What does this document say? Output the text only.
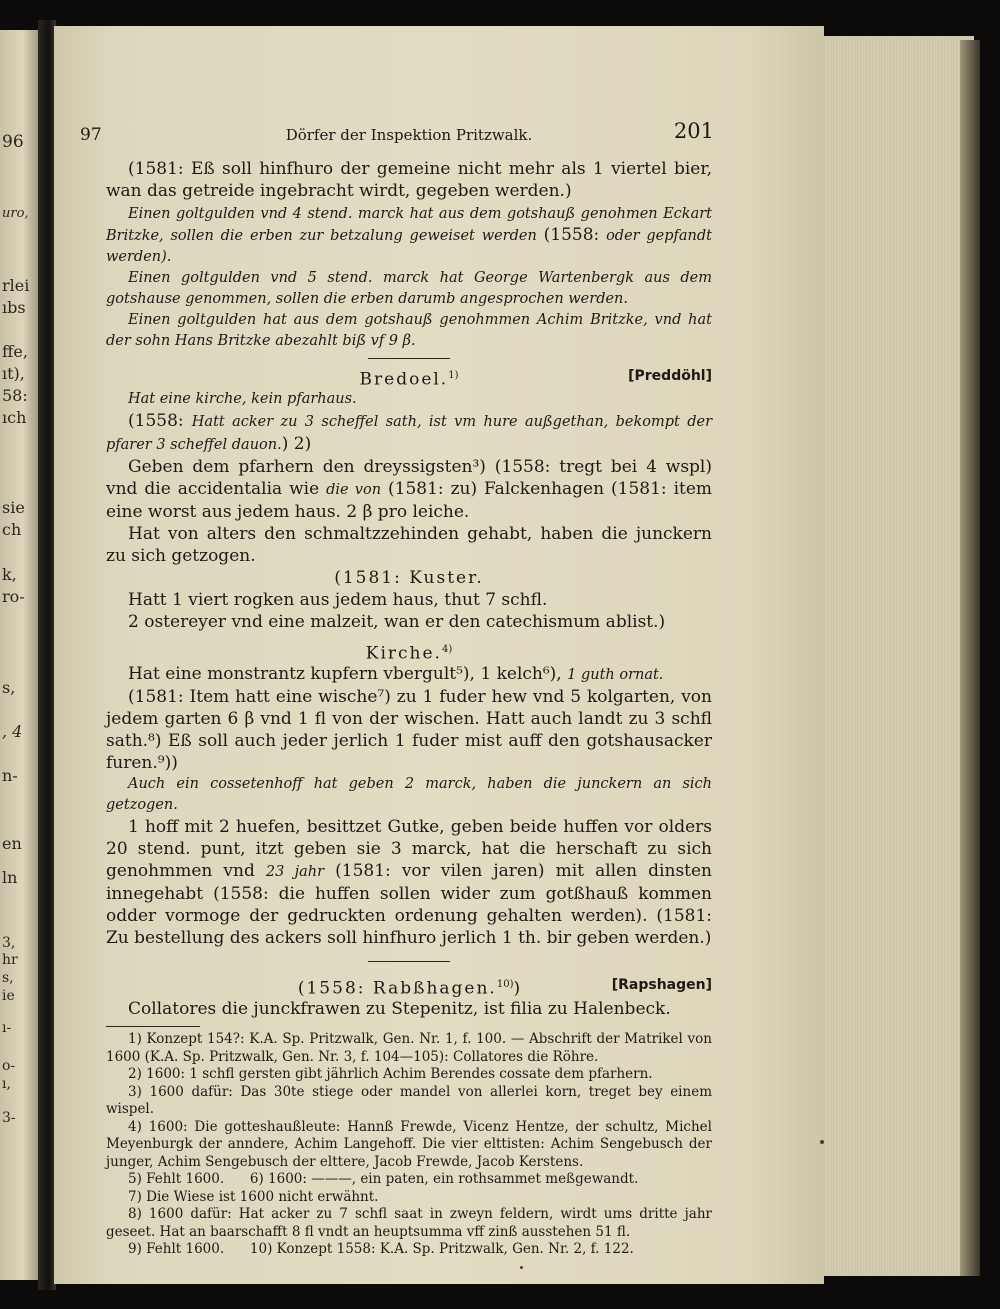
96
uro,
rlei
ıbs
ffe,
ıt),
58:
ıch
sie
ch
k,
ro-
s,
, 4
n-
en
ln
3,
hr
s,
ie
ı-
o-
ı,
3-
97	Dörfer der Inspektion Pritzwalk.	201

(1581: Eß soll hinfhuro der gemeine nicht mehr als 1 viertel bier, wan das getreide ingebracht wirdt, gegeben werden.)

Einen goltgulden vnd 4 stend. marck hat aus dem gotshauß genohmen Eckart Britzke, sollen die erben zur betzalung geweiset werden (1558: oder gepfandt werden).

Einen goltgulden vnd 5 stend. marck hat George Wartenbergk aus dem gotshause genommen, sollen die erben darumb angesprochen werden.

Einen goltgulden hat aus dem gotshauß genohmmen Achim Britzke, vnd hat der sohn Hans Britzke abezahlt biß vf 9 β.

Bredoel.$^{1)}$	[Preddöhl]

Hat eine kirche, kein pfarhaus.

(1558: Hatt acker zu 3 scheffel sath, ist vm hure außgethan, bekompt der pfarer 3 scheffel dauon.) 2)

Geben dem pfarhern den dreyssigsten³) (1558: tregt bei 4 wspl) vnd die accidentalia wie die von (1581: zu) Falckenhagen (1581: item eine worst aus jedem haus. 2 β pro leiche.

Hat von alters den schmaltzzehinden gehabt, haben die junckern zu sich getzogen.

(1581: Kuster.

Hatt 1 viert rogken aus jedem haus, thut 7 schfl.

2 ostereyer vnd eine malzeit, wan er den catechismum ablist.)

Kirche.$^{4)}$

Hat eine monstrantz kupfern vbergult⁵), 1 kelch⁶), 1 guth ornat.

(1581: Item hatt eine wische⁷) zu 1 fuder hew vnd 5 kolgarten, von jedem garten 6 β vnd 1 fl von der wischen. Hatt auch landt zu 3 schfl sath.⁸) Eß soll auch jeder jerlich 1 fuder mist auff den gotshausacker furen.⁹))

Auch ein cossetenhoff hat geben 2 marck, haben die junckern an sich getzogen.

1 hoff mit 2 huefen, besittzet Gutke, geben beide huffen vor olders 20 stend. punt, itzt geben sie 3 marck, hat die herschaft zu sich genohmmen vnd 23 jahr (1581: vor vilen jaren) mit allen dinsten innegehabt (1558: die huffen sollen wider zum gotßhauß kommen odder vormoge der gedruckten ordenung gehalten werden). (1581: Zu bestellung des ackers soll hinfhuro jerlich 1 th. bir geben werden.)

(1558: Rabßhagen.$^{10)}$)	[Rapshagen]

Collatores die junckfrawen zu Stepenitz, ist filia zu Halenbeck.

1) Konzept 154?: K.A. Sp. Pritzwalk, Gen. Nr. 1, f. 100. — Abschrift der Matrikel von 1600 (K.A. Sp. Pritzwalk, Gen. Nr. 3, f. 104—105): Collatores die Röhre.

2) 1600: 1 schfl gersten gibt jährlich Achim Berendes cossate dem pfarhern.

3) 1600 dafür: Das 30te stiege oder mandel von allerlei korn, treget bey einem wispel.

4) 1600: Die gotteshaußleute: Hannß Frewde, Vicenz Hentze, der schultz, Michel Meyenburgk der anndere, Achim Langehoff. Die vier elttisten: Achim Sengebusch der junger, Achim Sengebusch der elttere, Jacob Frewde, Jacob Kerstens.

5) Fehlt 1600.      6) 1600: ———, ein paten, ein rothsammet meßgewandt.

7) Die Wiese ist 1600 nicht erwähnt.

8) 1600 dafür: Hat acker zu 7 schfl saat in zweyn feldern, wirdt ums dritte jahr geseet. Hat an baarschafft 8 fl vndt an heuptsumma vff zinß ausstehen 51 fl.

9) Fehlt 1600.      10) Konzept 1558: K.A. Sp. Pritzwalk, Gen. Nr. 2, f. 122.
